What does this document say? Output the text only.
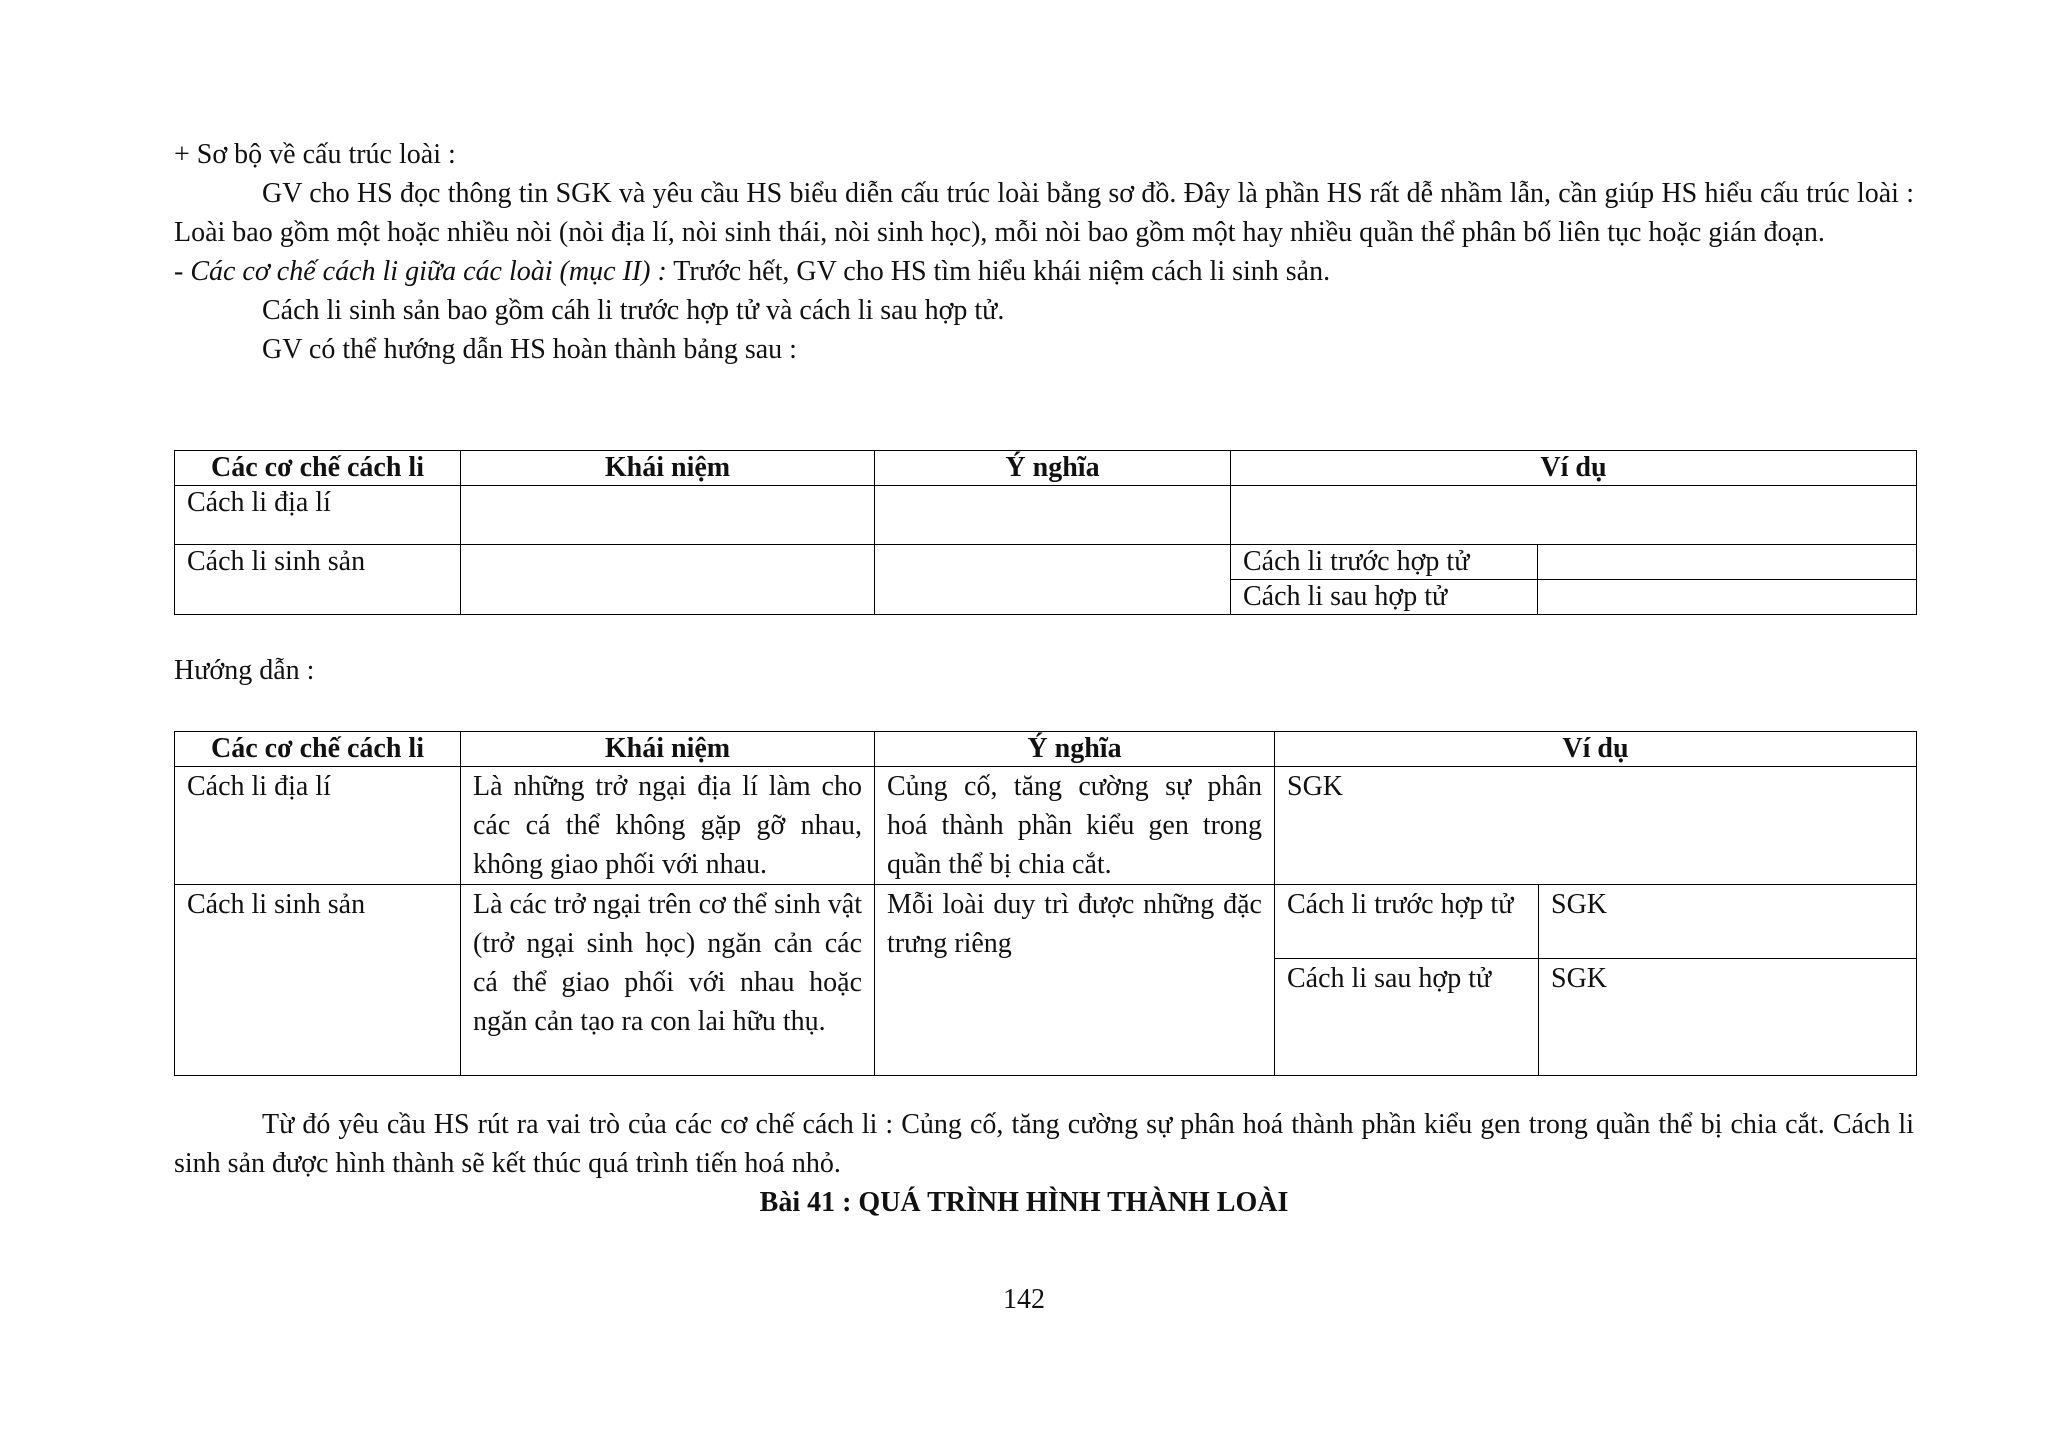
+ Sơ bộ về cấu trúc loài :

GV cho HS đọc thông tin SGK và yêu cầu HS biểu diễn cấu trúc loài bằng sơ đồ. Đây là phần HS rất dễ nhầm lẫn, cần giúp HS hiểu cấu trúc loài : Loài bao gồm một hoặc nhiều nòi (nòi địa lí, nòi sinh thái, nòi sinh học), mỗi nòi bao gồm một hay nhiều quần thể phân bố liên tục hoặc gián đoạn.

- Các cơ chế cách li giữa các loài (mục II) : Trước hết, GV cho HS tìm hiểu khái niệm cách li sinh sản.

Cách li sinh sản bao gồm cáh li trước hợp tử và cách li sau hợp tử.

GV có thể hướng dẫn HS hoàn thành bảng sau :

Các cơ chế cách li	Khái niệm	Ý nghĩa	Ví dụ	
Cách li địa lí				
Cách li sinh sản			Cách li trước hợp tử	
			Cách li sau hợp tử	

Hướng dẫn :

Các cơ chế cách li	Khái niệm	Ý nghĩa	Ví dụ	
Cách li địa lí	Là những trở ngại địa lí làm cho các cá thể không gặp gỡ nhau, không giao phối với nhau.	Củng cố, tăng cường sự phân hoá thành phần kiểu gen trong quần thể bị chia cắt.	SGK	
Cách li sinh sản	Là các trở ngại trên cơ thể sinh vật (trở ngại sinh học) ngăn cản các cá thể giao phối với nhau hoặc ngăn cản tạo ra con lai hữu thụ.	Mỗi loài duy trì được những đặc trưng riêng	Cách li trước hợp tử	SGK
			Cách li sau hợp tử	SGK

Từ đó yêu cầu HS rút ra vai trò của các cơ chế cách li : Củng cố, tăng cường sự phân hoá thành phần kiểu gen trong quần thể bị chia cắt. Cách li sinh sản được hình thành sẽ kết thúc quá trình tiến hoá nhỏ.

Bài 41 : QUÁ TRÌNH HÌNH THÀNH LOÀI

142
